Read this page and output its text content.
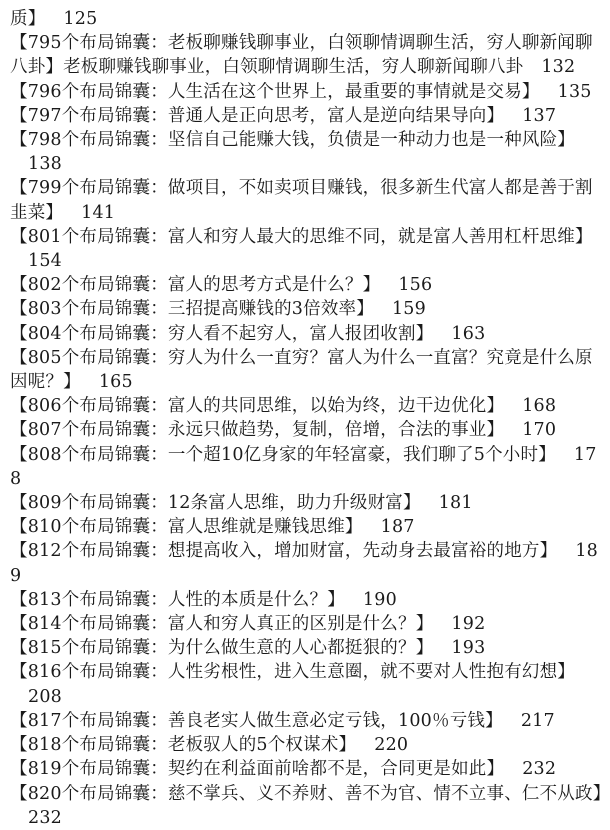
质】 125

【795个布局锦囊：老板聊赚钱聊事业，白领聊情调聊生活，穷人聊新闻聊八卦】老板聊赚钱聊事业，白领聊情调聊生活，穷人聊新闻聊八卦 132

【796个布局锦囊：人生活在这个世界上，最重要的事情就是交易】 135

【797个布局锦囊：普通人是正向思考，富人是逆向结果导向】 137

【798个布局锦囊：坚信自己能赚大钱，负债是一种动力也是一种风险】138

【799个布局锦囊：做项目，不如卖项目赚钱，很多新生代富人都是善于割韭菜】 141

【801个布局锦囊：富人和穷人最大的思维不同，就是富人善用杠杆思维】154

【802个布局锦囊：富人的思考方式是什么？】 156

【803个布局锦囊：三招提高赚钱的3倍效率】 159

【804个布局锦囊：穷人看不起穷人，富人报团收割】 163

【805个布局锦囊：穷人为什么一直穷？富人为什么一直富？究竟是什么原因呢？】 165

【806个布局锦囊：富人的共同思维，以始为终，边干边优化】 168

【807个布局锦囊：永远只做趋势，复制，倍增，合法的事业】 170

【808个布局锦囊：一个超10亿身家的年轻富豪，我们聊了5个小时】 178

【809个布局锦囊：12条富人思维，助力升级财富】 181

【810个布局锦囊：富人思维就是赚钱思维】 187

【812个布局锦囊：想提高收入，增加财富，先动身去最富裕的地方】 189

【813个布局锦囊：人性的本质是什么？】 190

【814个布局锦囊：富人和穷人真正的区别是什么？】 192

【815个布局锦囊：为什么做生意的人心都挺狠的？】 193

【816个布局锦囊：人性劣根性，进入生意圈，就不要对人性抱有幻想】208

【817个布局锦囊：善良老实人做生意必定亏钱，100％亏钱】 217

【818个布局锦囊：老板驭人的5个权谋术】 220

【819个布局锦囊：契约在利益面前啥都不是，合同更是如此】 232

【820个布局锦囊：慈不掌兵、义不养财、善不为官、情不立事、仁不从政】232
